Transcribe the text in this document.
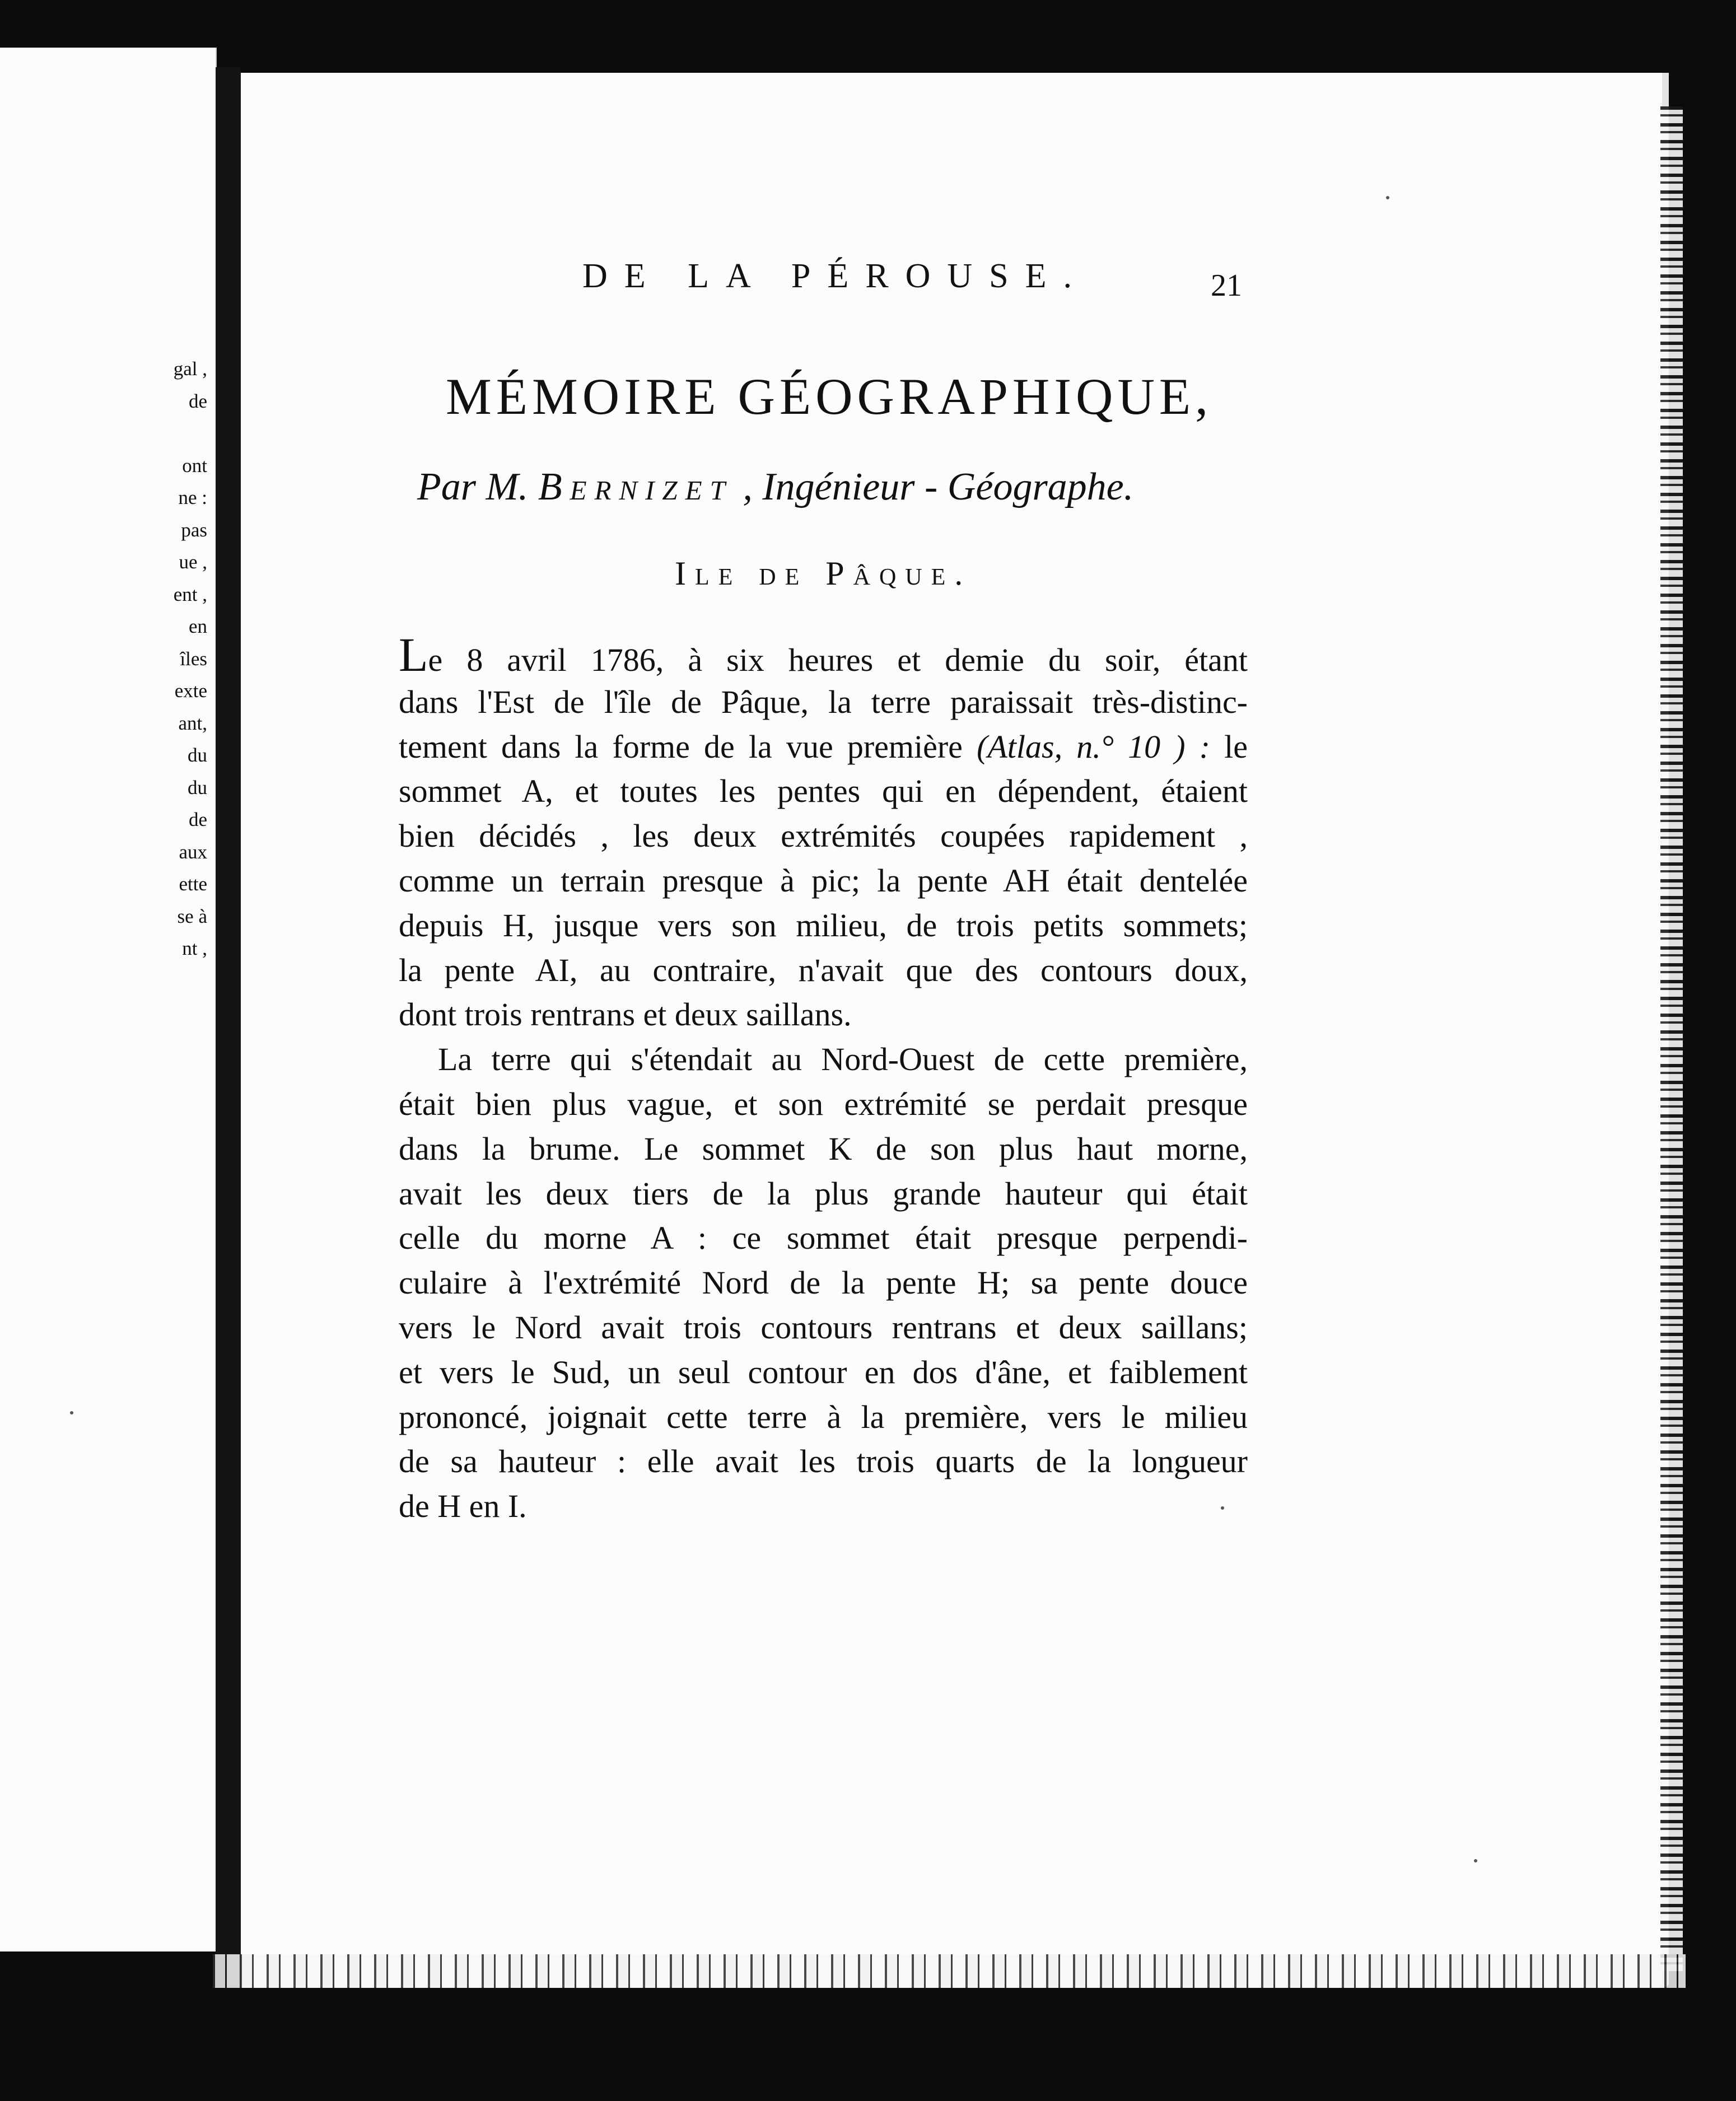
gal ,
de
ont
ne :
pas
ue ,
ent ,
en
îles
exte
ant,
du
du
de
aux
ette
se à
nt ,
DE LA PÉROUSE.	21
MÉMOIRE GÉOGRAPHIQUE,
Par M. Bernizet , Ingénieur - Géographe.
Ile de Pâque.
Le 8 avril 1786, à six heures et demie du soir, étant
dans l'Est de l'île de Pâque, la terre paraissait très-distinc-
tement dans la forme de la vue première (Atlas, n.° 10 ) : le
sommet A, et toutes les pentes qui en dépendent, étaient
bien décidés , les deux extrémités coupées rapidement ,
comme un terrain presque à pic; la pente AH était dentelée
depuis H, jusque vers son milieu, de trois petits sommets;
la pente AI, au contraire, n'avait que des contours doux,
dont trois rentrans et deux saillans.
La terre qui s'étendait au Nord-Ouest de cette première,
était bien plus vague, et son extrémité se perdait presque
dans la brume. Le sommet K de son plus haut morne,
avait les deux tiers de la plus grande hauteur qui était
celle du morne A : ce sommet était presque perpendi-
culaire à l'extrémité Nord de la pente H; sa pente douce
vers le Nord avait trois contours rentrans et deux saillans;
et vers le Sud, un seul contour en dos d'âne, et faiblement
prononcé, joignait cette terre à la première, vers le milieu
de sa hauteur : elle avait les trois quarts de la longueur
de H en I.
